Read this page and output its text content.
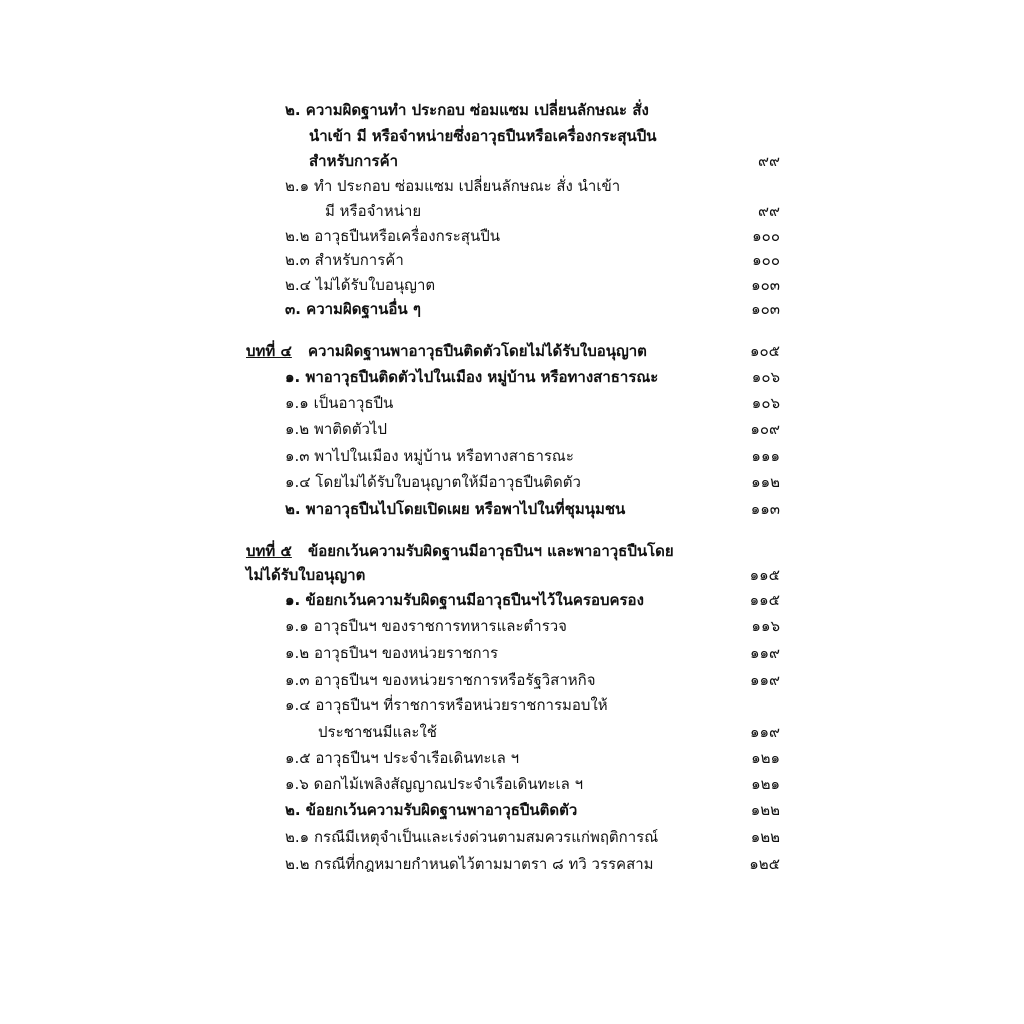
๒. ความผิดฐานทำ ประกอบ ซ่อมแซม เปลี่ยนลักษณะ สั่ง
นำเข้า มี หรือจำหน่ายซึ่งอาวุธปืนหรือเครื่องกระสุนปืน
สำหรับการค้า	๙๙
๒.๑ ทำ ประกอบ ซ่อมแซม เปลี่ยนลักษณะ สั่ง นำเข้า
มี หรือจำหน่าย	๙๙
๒.๒ อาวุธปืนหรือเครื่องกระสุนปืน	๑๐๐
๒.๓ สำหรับการค้า	๑๐๐
๒.๔ ไม่ได้รับใบอนุญาต	๑๐๓
๓. ความผิดฐานอื่น ๆ	๑๐๓
บทที่ ๔ ความผิดฐานพาอาวุธปืนติดตัวโดยไม่ได้รับใบอนุญาต	๑๐๕
๑. พาอาวุธปืนติดตัวไปในเมือง หมู่บ้าน หรือทางสาธารณะ	๑๐๖
๑.๑ เป็นอาวุธปืน	๑๐๖
๑.๒ พาติดตัวไป	๑๐๙
๑.๓ พาไปในเมือง หมู่บ้าน หรือทางสาธารณะ	๑๑๑
๑.๔ โดยไม่ได้รับใบอนุญาตให้มีอาวุธปืนติดตัว	๑๑๒
๒. พาอาวุธปืนไปโดยเปิดเผย หรือพาไปในที่ชุมนุมชน	๑๑๓
บทที่ ๕ ข้อยกเว้นความรับผิดฐานมีอาวุธปืนฯ และพาอาวุธปืนโดย
ไม่ได้รับใบอนุญาต	๑๑๕
๑. ข้อยกเว้นความรับผิดฐานมีอาวุธปืนฯไว้ในครอบครอง	๑๑๕
๑.๑ อาวุธปืนฯ ของราชการทหารและตำรวจ	๑๑๖
๑.๒ อาวุธปืนฯ ของหน่วยราชการ	๑๑๙
๑.๓ อาวุธปืนฯ ของหน่วยราชการหรือรัฐวิสาหกิจ	๑๑๙
๑.๔ อาวุธปืนฯ ที่ราชการหรือหน่วยราชการมอบให้
ประชาชนมีและใช้	๑๑๙
๑.๕ อาวุธปืนฯ ประจำเรือเดินทะเล ฯ	๑๒๑
๑.๖ ดอกไม้เพลิงสัญญาณประจำเรือเดินทะเล ฯ	๑๒๑
๒. ข้อยกเว้นความรับผิดฐานพาอาวุธปืนติดตัว	๑๒๒
๒.๑ กรณีมีเหตุจำเป็นและเร่งด่วนตามสมควรแก่พฤติการณ์	๑๒๒
๒.๒ กรณีที่กฎหมายกำหนดไว้ตามมาตรา ๘ ทวิ วรรคสาม	๑๒๕
